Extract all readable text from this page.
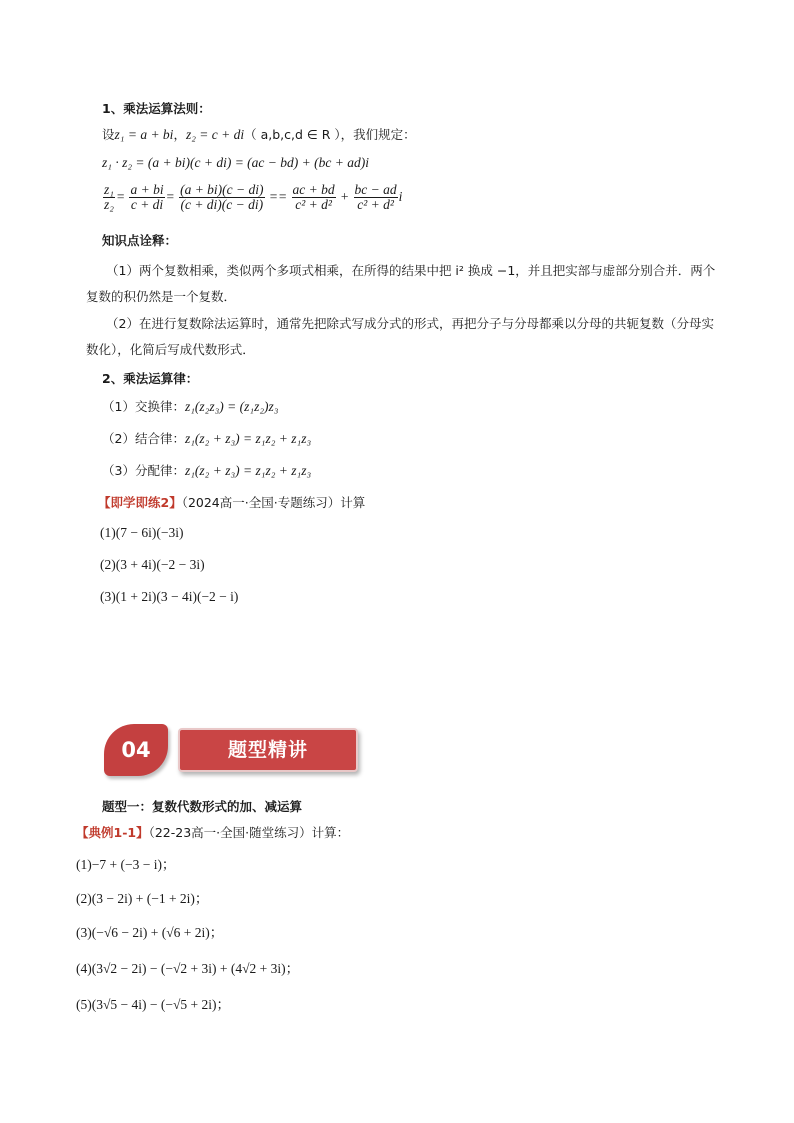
1、乘法运算法则：
设z₁ = a + bi，z₂ = c + di（ a,b,c,d ∈ R ），我们规定：
z₁ · z₂ = (a + bi)(c + di) = (ac − bd) + (bc + ad)i
$\frac{\text{z₁}}{\text{z₂}} = \frac{a + bi}{c + di} = \frac{(a + bi)(c - di)}{(c + di)(c - di)} == \frac{ac + bd}{\text{c² + d²}} + \frac{bc - ad}{\text{c² + d²}}$ i
知识点诠释：
（1）两个复数相乘，类似两个多项式相乘，在所得的结果中把 i² 换成 −1，并且把实部与虚部分别合并．两个复数的积仍然是一个复数．
（2）在进行复数除法运算时，通常先把除式写成分式的形式，再把分子与分母都乘以分母的共轭复数（分母实数化），化简后写成代数形式．
2、乘法运算律：
（1）交换律：z₁(z₂z₃) = (z₁z₂)z₃
（2）结合律：z₁(z₂ + z₃) = z₁z₂ + z₁z₃
（3）分配律：z₁(z₂ + z₃) = z₁z₂ + z₁z₃
【即学即练2】（2024高一·全国·专题练习）计算
(1)(7 − 6i)(−3i)
(2)(3 + 4i)(−2 − 3i)
(3)(1 + 2i)(3 − 4i)(−2 − i)
04	题型精讲
题型一：复数代数形式的加、减运算
【典例1-1】（22-23高一·全国·随堂练习）计算：
(1)−7 + (−3 − i)；
(2)(3 − 2i) + (−1 + 2i)；
(3)(−√6 − 2i) + (√6 + 2i)；
(4)(3√2 − 2i) − (−√2 + 3i) + (4√2 + 3i)；
(5)(3√5 − 4i) − (−√5 + 2i)；
